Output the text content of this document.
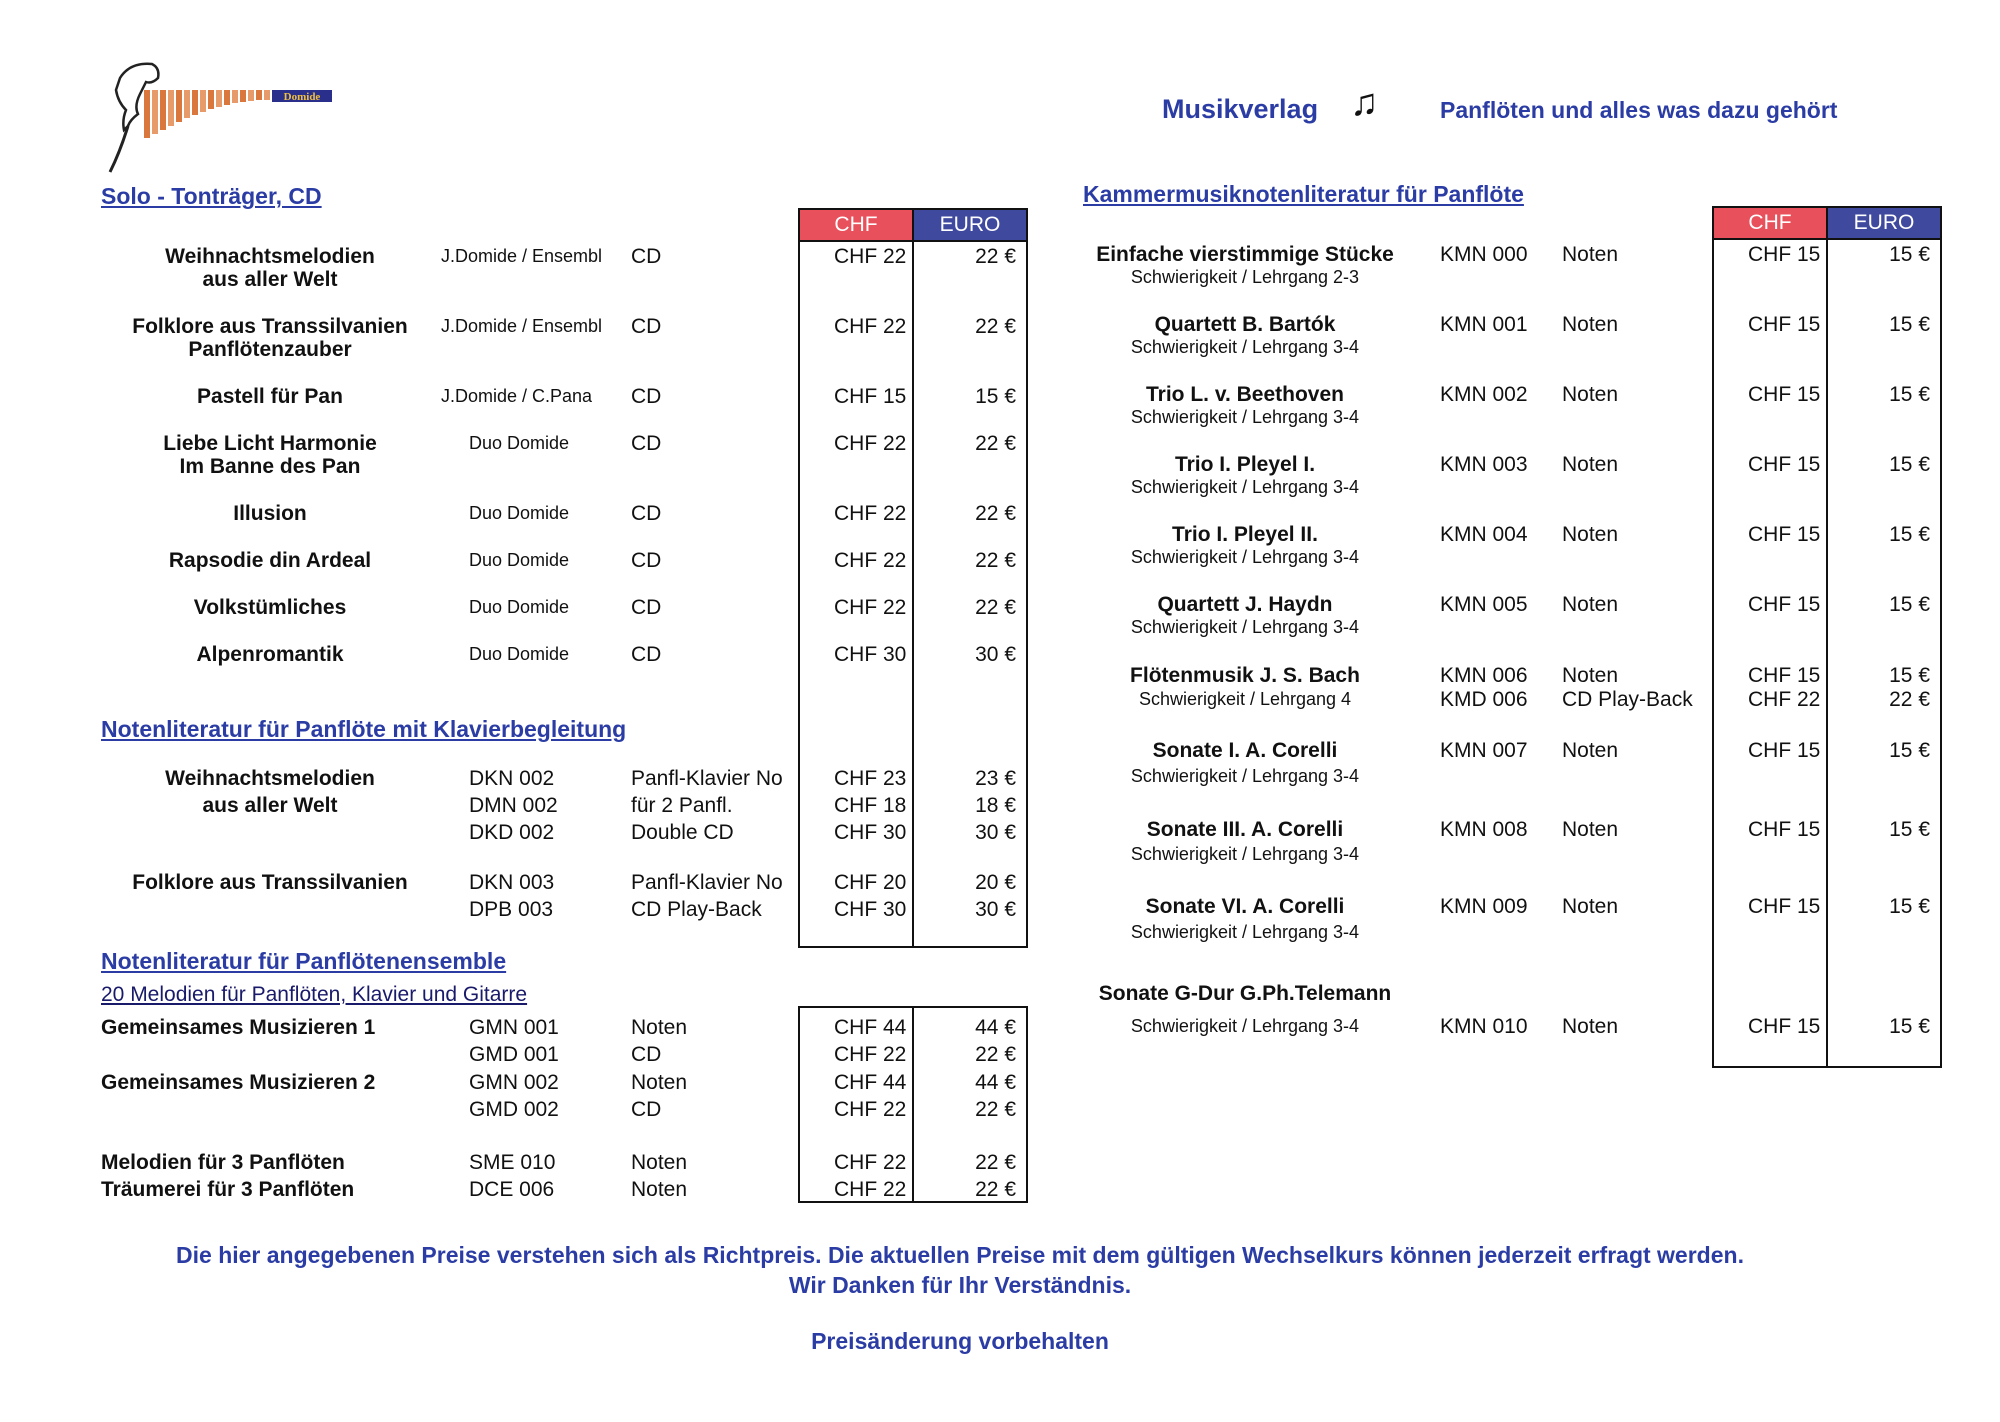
Domide	Musikverlag ♫	Panflöten und alles was dazu gehört
Solo - Tonträger, CD
CHF	EURO
Weihnachtsmelodien
aus aller Welt
J.Domide / Ensembl CD	CHF 22	22 €
Folklore aus Transsilvanien
Panflötenzauber
J.Domide / Ensembl CD	CHF 22	22 €
Pastell für Pan	J.Domide / C.Pana CD	CHF 15	15 €
Liebe Licht Harmonie
Im Banne des Pan
Duo Domide	CD	CHF 22	22 €
Illusion	Duo Domide	CD	CHF 22	22 €
Rapsodie din Ardeal	Duo Domide	CD	CHF 22	22 €
Volkstümliches	Duo Domide	CD	CHF 22	22 €
Alpenromantik	Duo Domide	CD	CHF 30	30 €
Notenliteratur für Panflöte mit Klavierbegleitung
Weihnachtsmelodien
aus aller Welt
DKN 002	Panfl-Klavier No CHF 23	23 €
DMN 002	für 2 Panfl.	CHF 18	18 €
DKD 002	Double CD	CHF 30	30 €
Folklore aus Transsilvanien	DKN 003	Panfl-Klavier No CHF 20	20 €
DPB 003	CD Play-Back	CHF 30	30 €
Notenliteratur für Panflötenensemble
20 Melodien für Panflöten, Klavier und Gitarre
Gemeinsames Musizieren 1	GMN 001	Noten	CHF 44	44 €
GMD 001	CD	CHF 22	22 €
Gemeinsames Musizieren 2	GMN 002	Noten	CHF 44	44 €
GMD 002	CD	CHF 22	22 €
Melodien für 3 Panflöten	SME 010	Noten	CHF 22	22 €
Träumerei für 3 Panflöten	DCE 006	Noten	CHF 22	22 €
Kammermusiknotenliteratur für Panflöte
CHF	EURO
Einfache vierstimmige Stücke
Schwierigkeit / Lehrgang 2-3
KMN 000 Noten	CHF 15	15 €
Quartett B. Bartók
Schwierigkeit / Lehrgang 3-4
KMN 001 Noten	CHF 15	15 €
Trio L. v. Beethoven
Schwierigkeit / Lehrgang 3-4
KMN 002 Noten	CHF 15	15 €
Trio I. Pleyel I.
Schwierigkeit / Lehrgang 3-4
KMN 003 Noten	CHF 15	15 €
Trio I. Pleyel II.
Schwierigkeit / Lehrgang 3-4
KMN 004 Noten	CHF 15	15 €
Quartett J. Haydn
Schwierigkeit / Lehrgang 3-4
KMN 005 Noten	CHF 15	15 €
Flötenmusik J. S. Bach
Schwierigkeit / Lehrgang 4
KMN 006 Noten	CHF 15	15 €
KMD 006 CD Play-Back	CHF 22	22 €
Sonate I. A. Corelli
Schwierigkeit / Lehrgang 3-4
KMN 007 Noten	CHF 15	15 €
Sonate III. A. Corelli
Schwierigkeit / Lehrgang 3-4
KMN 008 Noten	CHF 15	15 €
Sonate VI. A. Corelli
Schwierigkeit / Lehrgang 3-4
KMN 009 Noten	CHF 15	15 €
Sonate G-Dur G.Ph.Telemann
Schwierigkeit / Lehrgang 3-4	KMN 010 Noten	CHF 15	15 €
Die hier angegebenen Preise verstehen sich als Richtpreis. Die aktuellen Preise mit dem gültigen Wechselkurs können jederzeit erfragt werden. Wir Danken für Ihr Verständnis.
Preisänderung vorbehalten
